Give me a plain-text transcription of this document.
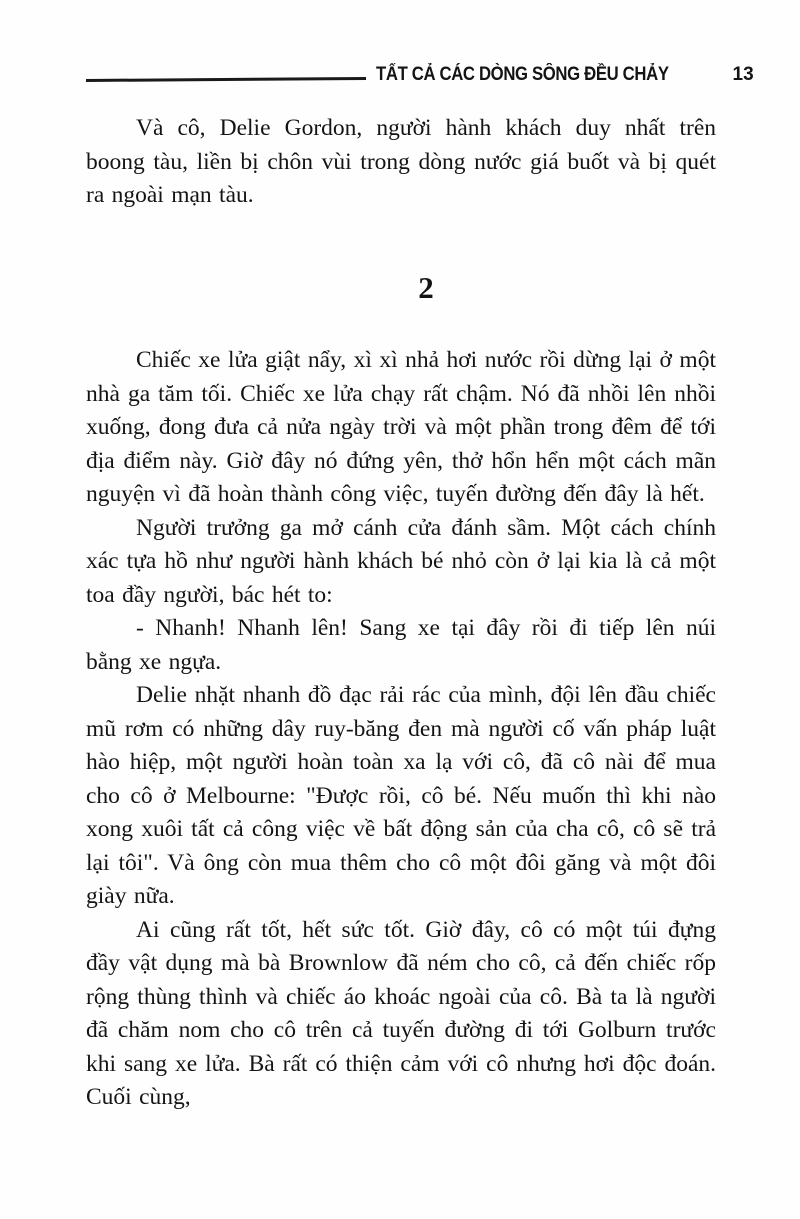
TẤT CẢ CÁC DÒNG SÔNG ĐỀU CHẢY	13

Và cô, Delie Gordon, người hành khách duy nhất trên boong tàu, liền bị chôn vùi trong dòng nước giá buốt và bị quét ra ngoài mạn tàu.

2

Chiếc xe lửa giật nẩy, xì xì nhả hơi nước rồi dừng lại ở một nhà ga tăm tối. Chiếc xe lửa chạy rất chậm. Nó đã nhồi lên nhồi xuống, đong đưa cả nửa ngày trời và một phần trong đêm để tới địa điểm này. Giờ đây nó đứng yên, thở hổn hển một cách mãn nguyện vì đã hoàn thành công việc, tuyến đường đến đây là hết.

Người trưởng ga mở cánh cửa đánh sầm. Một cách chính xác tựa hồ như người hành khách bé nhỏ còn ở lại kia là cả một toa đầy người, bác hét to:

- Nhanh! Nhanh lên! Sang xe tại đây rồi đi tiếp lên núi bằng xe ngựa.

Delie nhặt nhanh đồ đạc rải rác của mình, đội lên đầu chiếc mũ rơm có những dây ruy-băng đen mà người cố vấn pháp luật hào hiệp, một người hoàn toàn xa lạ với cô, đã cô nài để mua cho cô ở Melbourne: "Được rồi, cô bé. Nếu muốn thì khi nào xong xuôi tất cả công việc về bất động sản của cha cô, cô sẽ trả lại tôi". Và ông còn mua thêm cho cô một đôi găng và một đôi giày nữa.

Ai cũng rất tốt, hết sức tốt. Giờ đây, cô có một túi đựng đầy vật dụng mà bà Brownlow đã ném cho cô, cả đến chiếc rốp rộng thùng thình và chiếc áo khoác ngoài của cô. Bà ta là người đã chăm nom cho cô trên cả tuyến đường đi tới Golburn trước khi sang xe lửa. Bà rất có thiện cảm với cô nhưng hơi độc đoán. Cuối cùng,
